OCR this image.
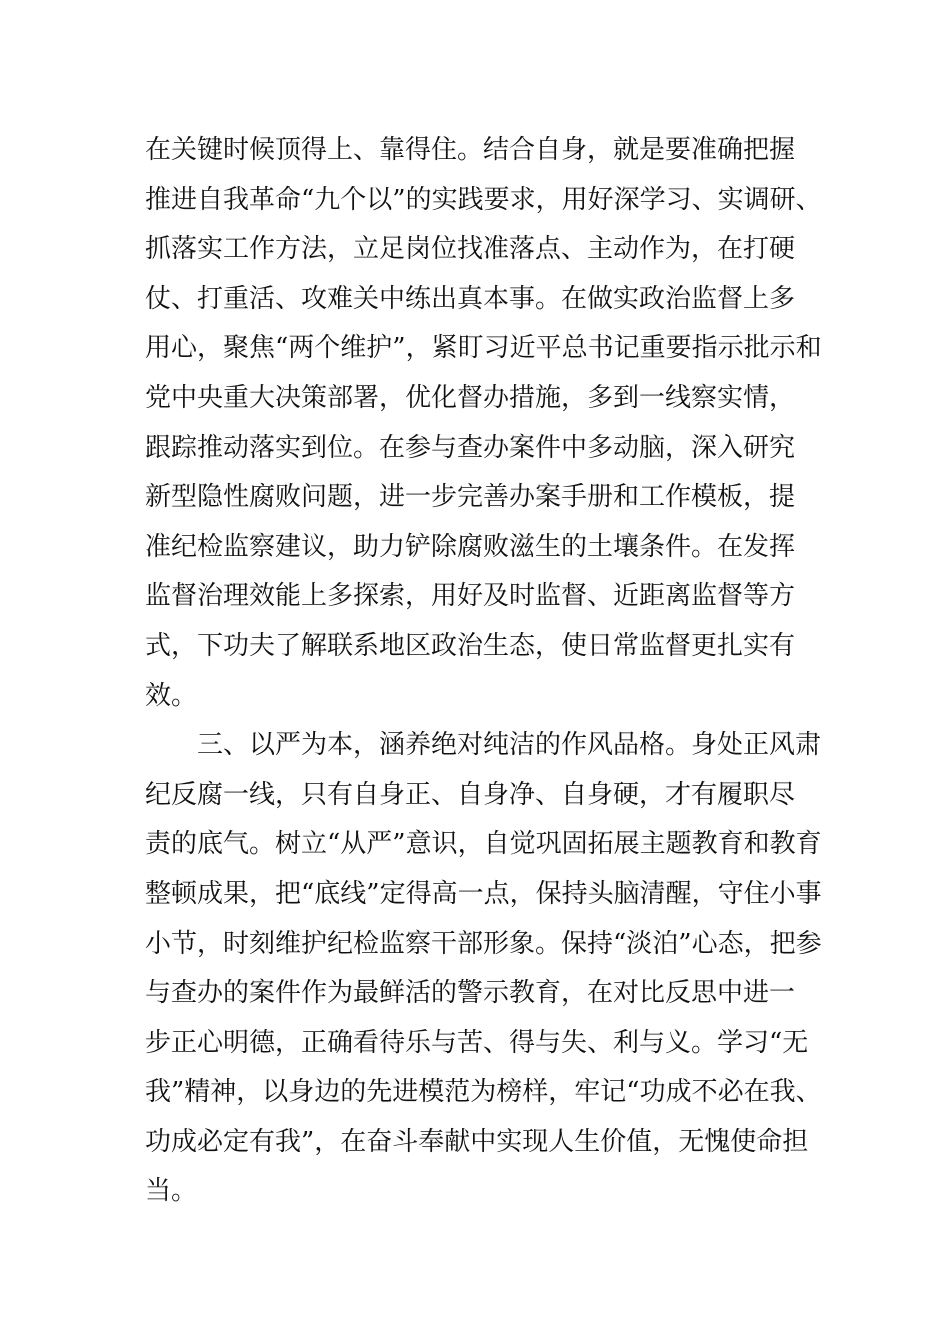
在关键时候顶得上、靠得住。结合自身，就是要准确把握
推进自我革命“九个以”的实践要求，用好深学习、实调研、
抓落实工作方法，立足岗位找准落点、主动作为，在打硬
仗、打重活、攻难关中练出真本事。在做实政治监督上多
用心，聚焦“两个维护”，紧盯习近平总书记重要指示批示和
党中央重大决策部署，优化督办措施，多到一线察实情，
跟踪推动落实到位。在参与查办案件中多动脑，深入研究
新型隐性腐败问题，进一步完善办案手册和工作模板，提
准纪检监察建议，助力铲除腐败滋生的土壤条件。在发挥
监督治理效能上多探索，用好及时监督、近距离监督等方
式，下功夫了解联系地区政治生态，使日常监督更扎实有
效。
三、以严为本，涵养绝对纯洁的作风品格。身处正风肃
纪反腐一线，只有自身正、自身净、自身硬，才有履职尽
责的底气。树立“从严”意识，自觉巩固拓展主题教育和教育
整顿成果，把“底线”定得高一点，保持头脑清醒，守住小事
小节，时刻维护纪检监察干部形象。保持“淡泊”心态，把参
与查办的案件作为最鲜活的警示教育，在对比反思中进一
步正心明德，正确看待乐与苦、得与失、利与义。学习“无
我”精神，以身边的先进模范为榜样，牢记“功成不必在我、
功成必定有我”，在奋斗奉献中实现人生价值，无愧使命担
当。
